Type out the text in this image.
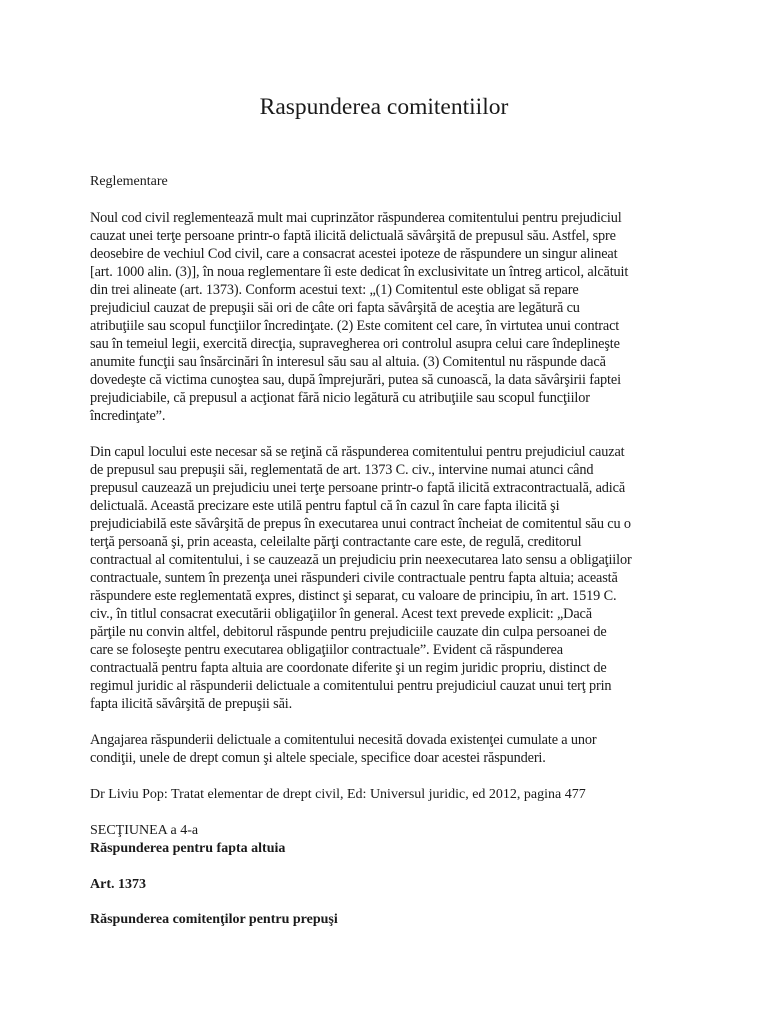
Raspunderea comitentiilor

Reglementare

Noul cod civil reglementează mult mai cuprinzător răspunderea comitentului pentru prejudiciul
cauzat unei terţe persoane printr-o faptă ilicită delictuală săvârşită de prepusul său. Astfel, spre
deosebire de vechiul Cod civil, care a consacrat acestei ipoteze de răspundere un singur alineat
[art. 1000 alin. (3)], în noua reglementare îi este dedicat în exclusivitate un întreg articol, alcătuit
din trei alineate (art. 1373). Conform acestui text: „(1) Comitentul este obligat să repare
prejudiciul cauzat de prepuşii săi ori de câte ori fapta săvârşită de aceştia are legătură cu
atribuţiile sau scopul funcţiilor încredinţate. (2) Este comitent cel care, în virtutea unui contract
sau în temeiul legii, exercită direcţia, supravegherea ori controlul asupra celui care îndeplineşte
anumite funcţii sau însărcinări în interesul său sau al altuia. (3) Comitentul nu răspunde dacă
dovedeşte că victima cunoştea sau, după împrejurări, putea să cunoască, la data săvârşirii faptei
prejudiciabile, că prepusul a acţionat fără nicio legătură cu atribuţiile sau scopul funcţiilor
încredinţate”.

Din capul locului este necesar să se reţină că răspunderea comitentului pentru prejudiciul cauzat
de prepusul sau prepuşii săi, reglementată de art. 1373 C. civ., intervine numai atunci când
prepusul cauzează un prejudiciu unei terţe persoane printr-o faptă ilicită extracontractuală, adică
delictuală. Această precizare este utilă pentru faptul că în cazul în care fapta ilicită şi
prejudiciabilă este săvârşită de prepus în executarea unui contract încheiat de comitentul său cu o
terţă persoană şi, prin aceasta, celeilalte părţi contractante care este, de regulă, creditorul
contractual al comitentului, i se cauzează un prejudiciu prin neexecutarea lato sensu a obligaţiilor
contractuale, suntem în prezenţa unei răspunderi civile contractuale pentru fapta altuia; această
răspundere este reglementată expres, distinct şi separat, cu valoare de principiu, în art. 1519 C.
civ., în titlul consacrat executării obligaţiilor în general. Acest text prevede explicit: „Dacă
părţile nu convin altfel, debitorul răspunde pentru prejudiciile cauzate din culpa persoanei de
care se foloseşte pentru executarea obligaţiilor contractuale”. Evident că răspunderea
contractuală pentru fapta altuia are coordonate diferite şi un regim juridic propriu, distinct de
regimul juridic al răspunderii delictuale a comitentului pentru prejudiciul cauzat unui terţ prin
fapta ilicită săvârşită de prepuşii săi.

Angajarea răspunderii delictuale a comitentului necesită dovada existenţei cumulate a unor
condiţii, unele de drept comun şi altele speciale, specifice doar acestei răspunderi.

Dr Liviu Pop: Tratat elementar de drept civil, Ed: Universul juridic, ed 2012, pagina 477

SECŢIUNEA a 4-a
Răspunderea pentru fapta altuia

Art. 1373

Răspunderea comitenţilor pentru prepuşi
